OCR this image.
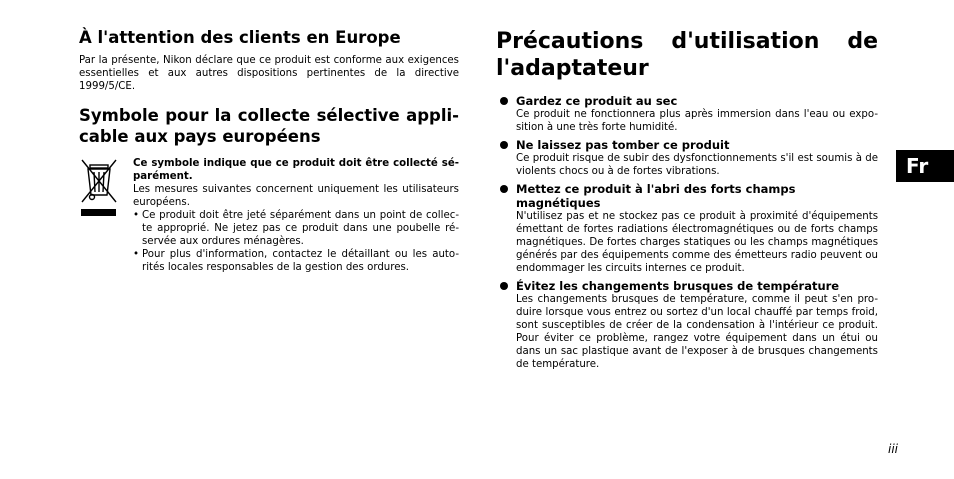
À l'attention des clients en Europe

Par la présente, Nikon déclare que ce produit est conforme aux exigences essentielles et aux autres dispositions pertinentes de la directive 1999/5/CE.

Symbole pour la collecte sélective appli-cable aux pays européens
Ce symbole indique que ce produit doit être collecté sé-parément.

Les mesures suivantes concernent uniquement les utilisateurs européens.

• Ce produit doit être jeté séparément dans un point de collec-te approprié. Ne jetez pas ce produit dans une poubelle ré-servée aux ordures ménagères.
• Pour plus d'information, contactez le détaillant ou les auto-rités locales responsables de la gestion des ordures.
Précautions d'utilisation de
l'adaptateur
Gardez ce produit au sec
Ce produit ne fonctionnera plus après immersion dans l'eau ou expo-sition à une très forte humidité.
Ne laissez pas tomber ce produit
Ce produit risque de subir des dysfonctionnements s'il est soumis à de violents chocs ou à de fortes vibrations.
Mettez ce produit à l'abri des forts champs magnétiques
N'utilisez pas et ne stockez pas ce produit à proximité d'équipements émettant de fortes radiations électromagnétiques ou de forts champs magnétiques. De fortes charges statiques ou les champs magnétiques générés par des équipements comme des émetteurs radio peuvent ou endommager les circuits internes ce produit.
Évitez les changements brusques de température
Les changements brusques de température, comme il peut s'en pro-duire lorsque vous entrez ou sortez d'un local chauffé par temps froid, sont susceptibles de créer de la condensation à l'intérieur ce produit. Pour éviter ce problème, rangez votre équipement dans un étui ou dans un sac plastique avant de l'exposer à de brusques changements de température.
Fr
iii
